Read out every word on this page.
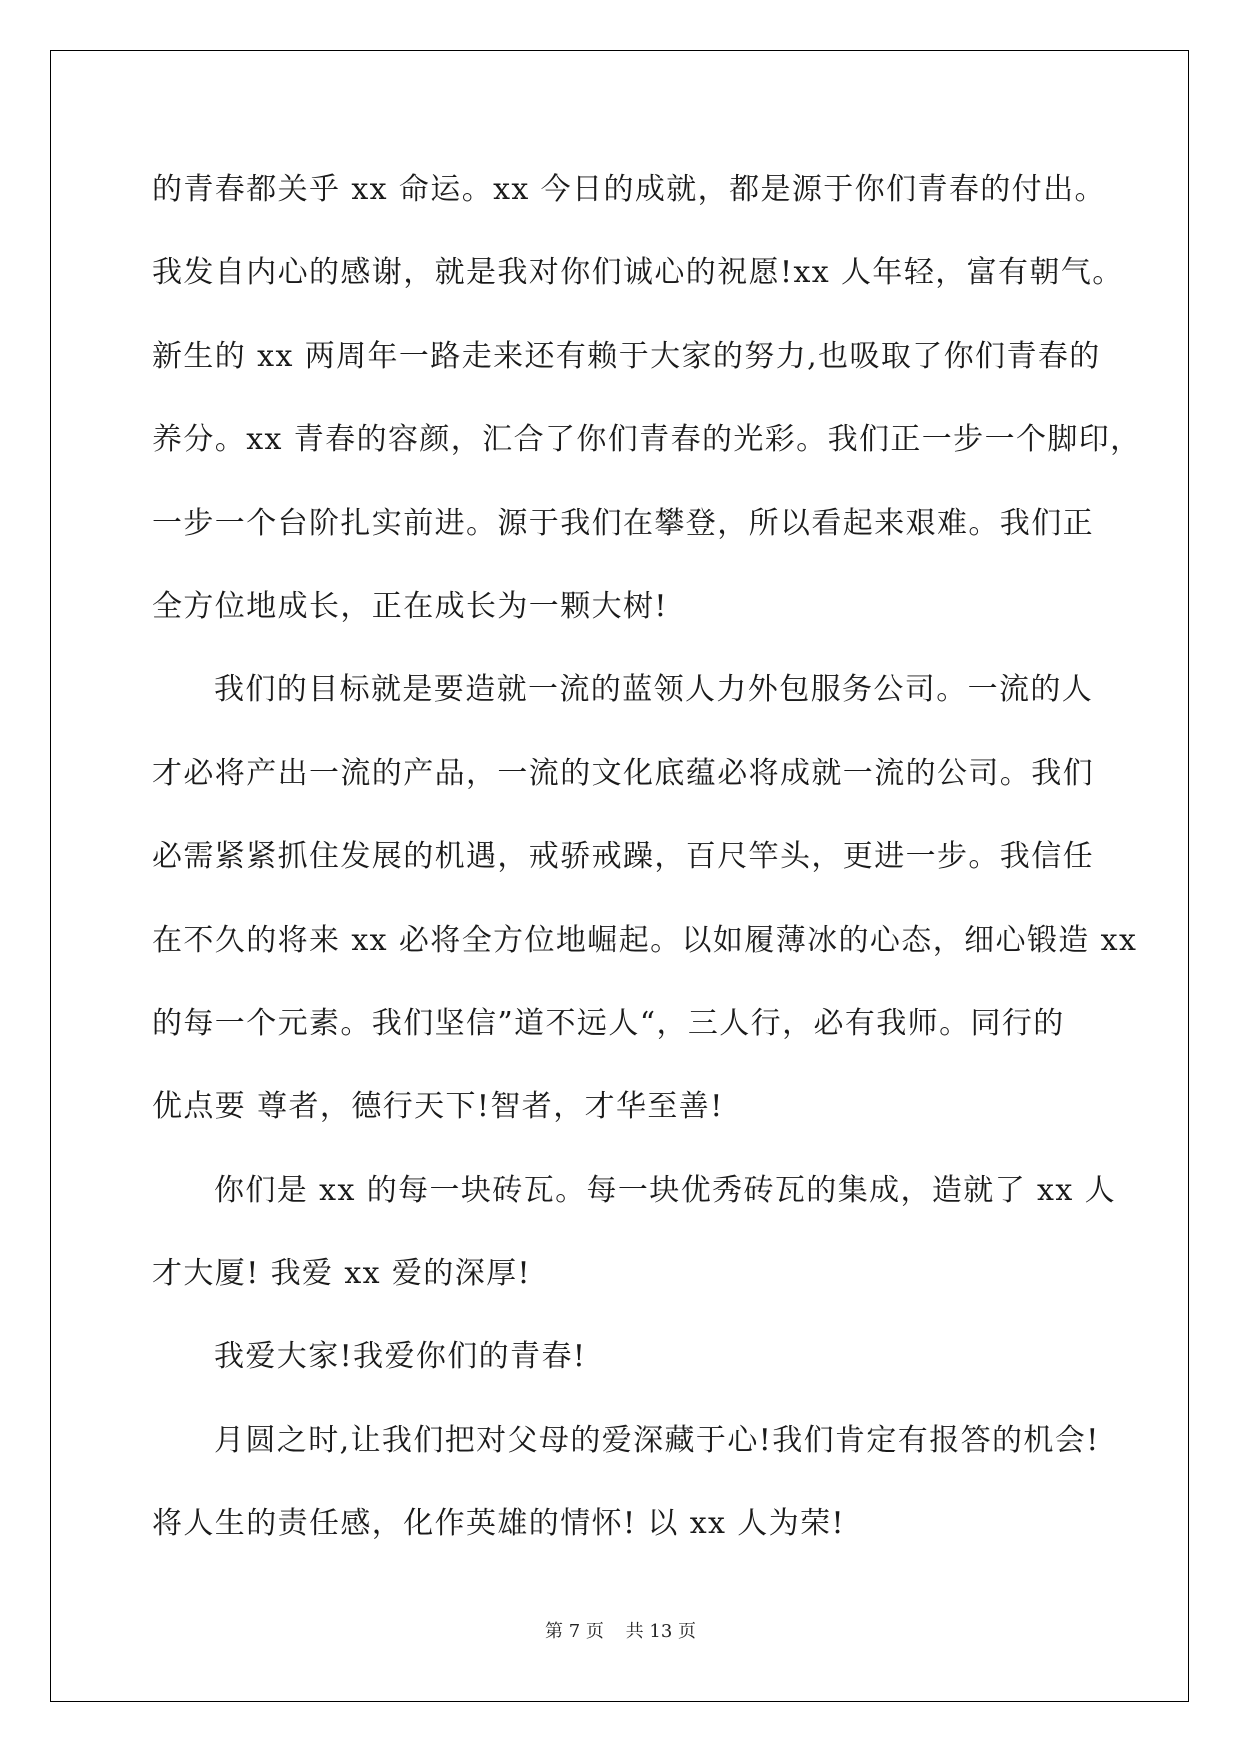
的青春都关乎 xx 命运。xx 今日的成就，都是源于你们青春的付出。
我发自内心的感谢，就是我对你们诚心的祝愿!xx 人年轻，富有朝气。
新生的 xx 两周年一路走来还有赖于大家的努力,也吸取了你们青春的
养分。xx 青春的容颜，汇合了你们青春的光彩。我们正一步一个脚印，
一步一个台阶扎实前进。源于我们在攀登，所以看起来艰难。我们正
全方位地成长，正在成长为一颗大树!
我们的目标就是要造就一流的蓝领人力外包服务公司。一流的人
才必将产出一流的产品，一流的文化底蕴必将成就一流的公司。我们
必需紧紧抓住发展的机遇，戒骄戒躁，百尺竿头，更进一步。我信任
在不久的将来 xx 必将全方位地崛起。以如履薄冰的心态，细心锻造 xx
的每一个元素。我们坚信”道不远人“，三人行，必有我师。同行的
优点要 尊者，德行天下!智者，才华至善!
你们是 xx 的每一块砖瓦。每一块优秀砖瓦的集成，造就了 xx 人
才大厦! 我爱 xx 爱的深厚!
我爱大家!我爱你们的青春!
月圆之时,让我们把对父母的爱深藏于心!我们肯定有报答的机会!
将人生的责任感，化作英雄的情怀! 以 xx 人为荣!
第 7 页 共 13 页
